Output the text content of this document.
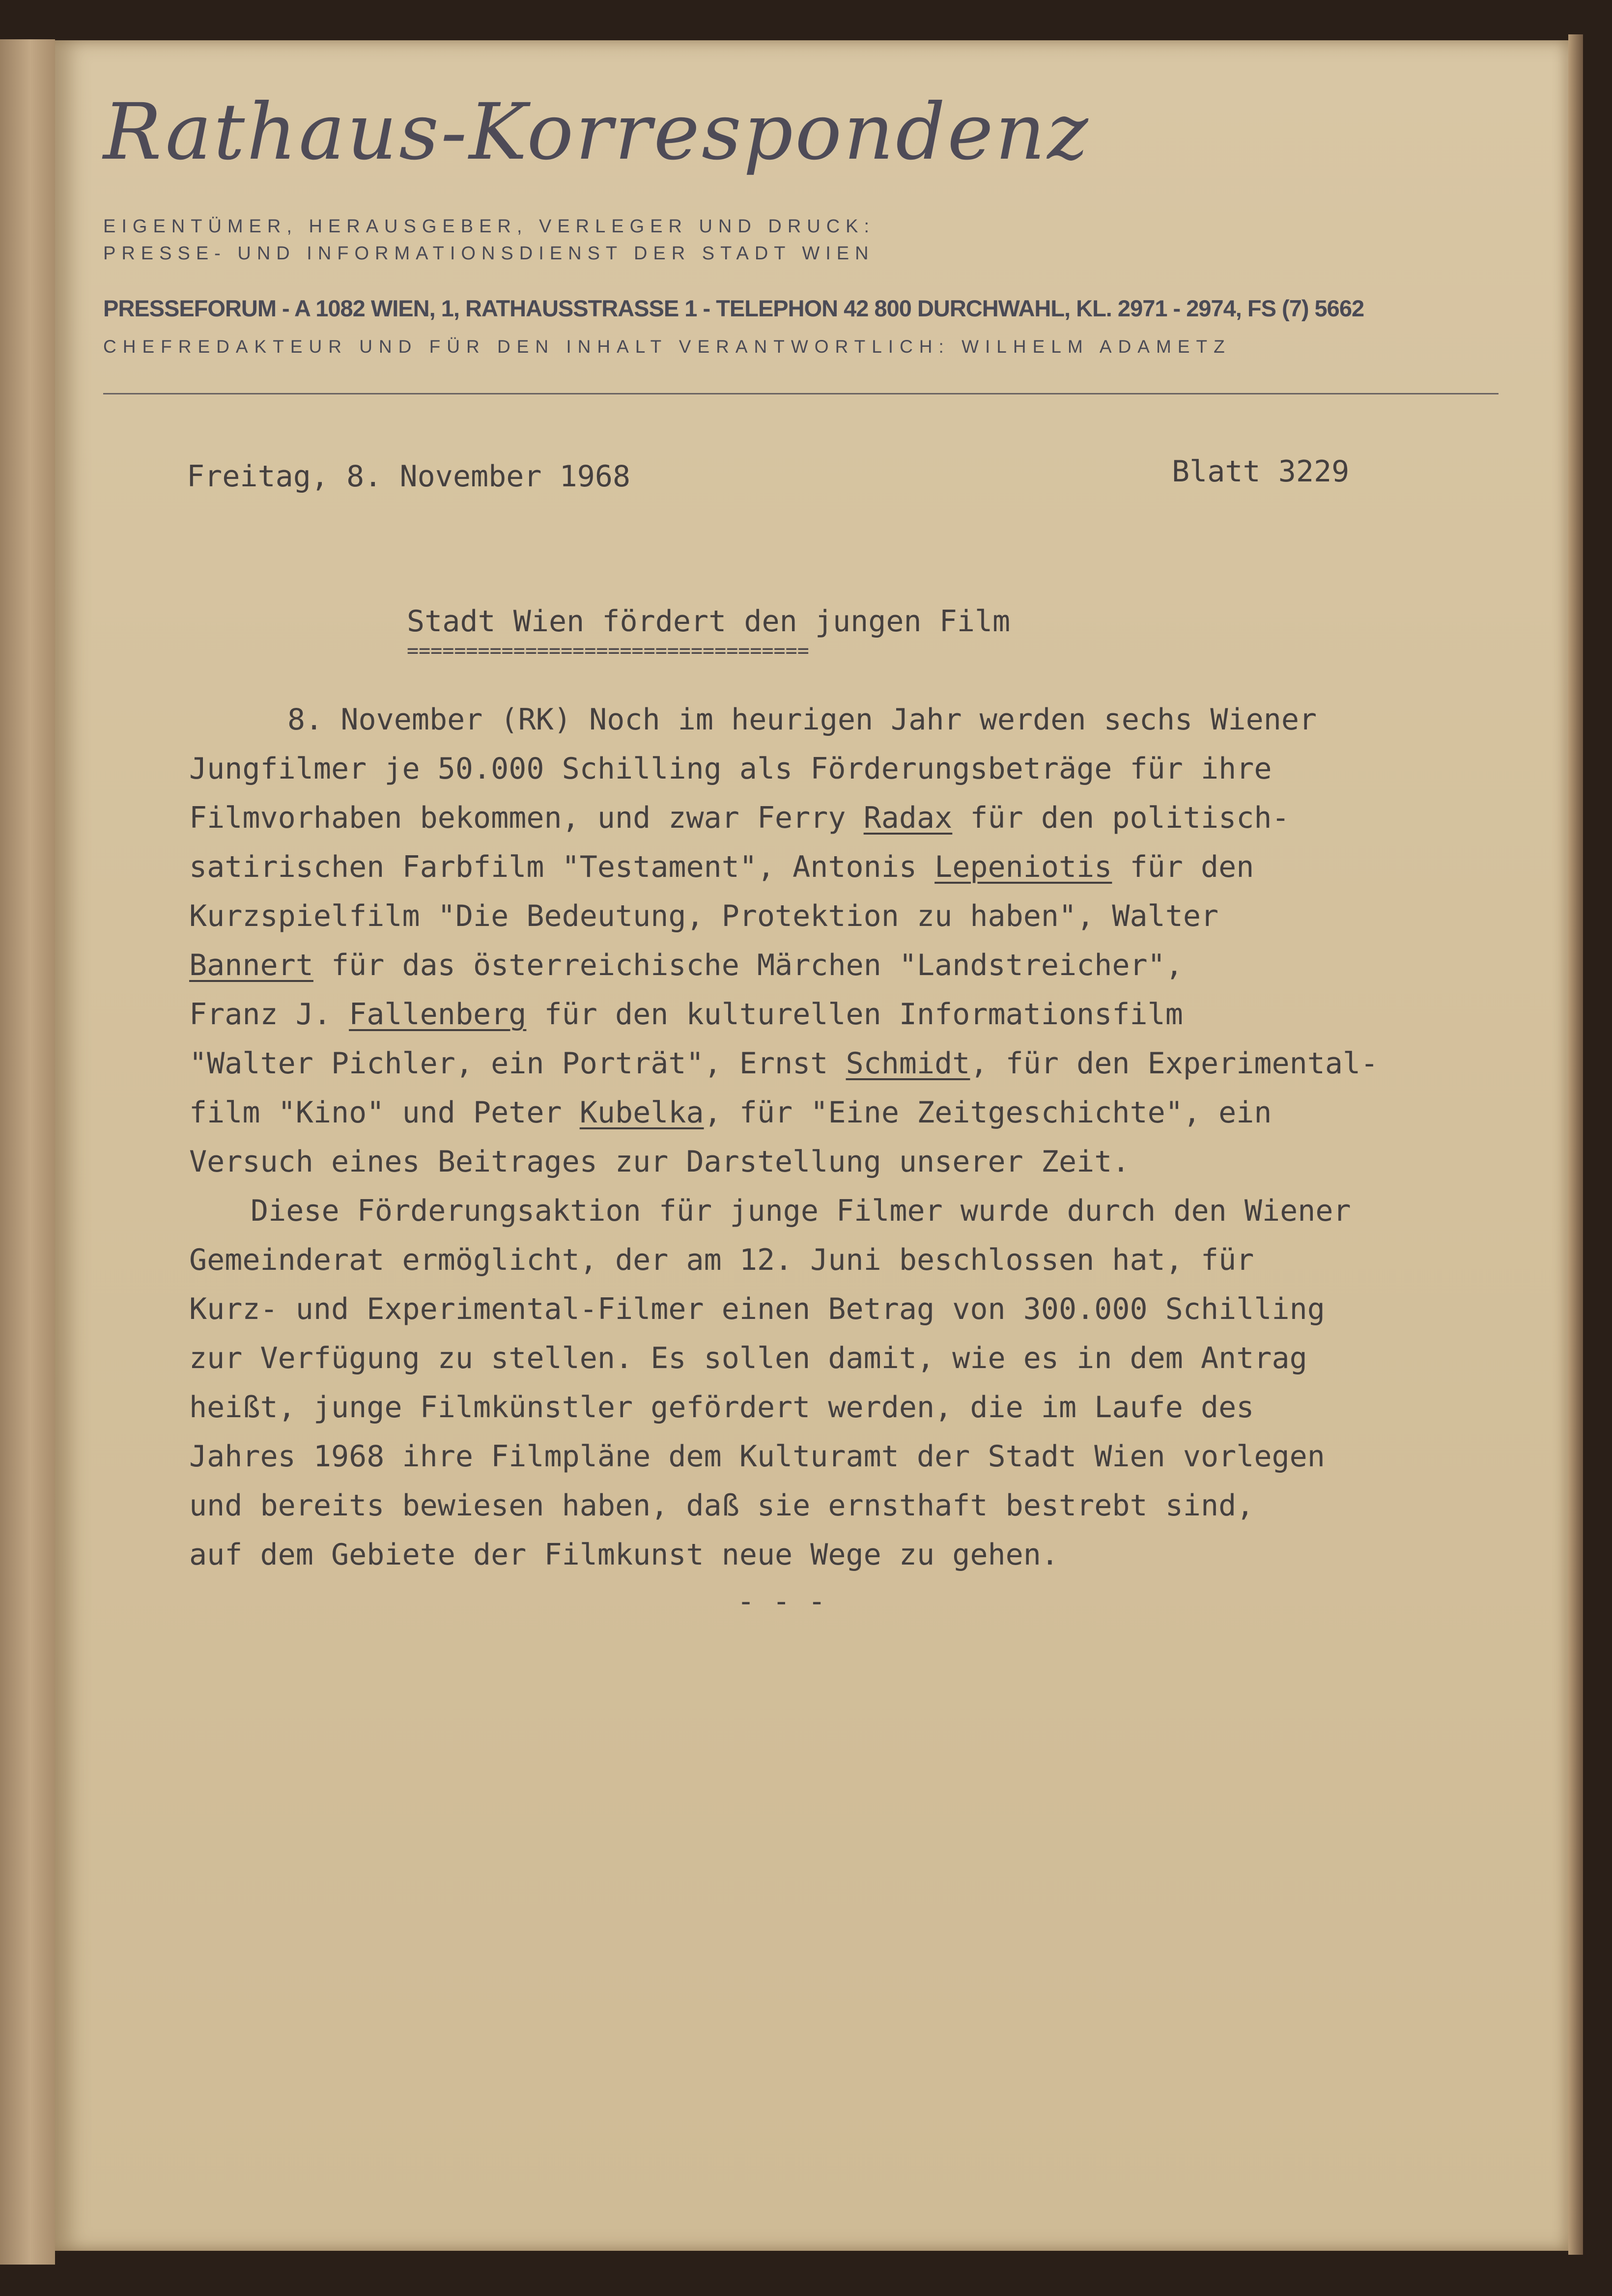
Rathaus-Korrespondenz
EIGENTÜMER, HERAUSGEBER, VERLEGER UND DRUCK:
PRESSE- UND INFORMATIONSDIENST DER STADT WIEN
PRESSEFORUM - A 1082 WIEN, 1, RATHAUSSTRASSE 1 - TELEPHON 42 800 DURCHWAHL, KL. 2971 - 2974, FS (7) 5662
CHEFREDAKTEUR UND FÜR DEN INHALT VERANTWORTLICH: WILHELM ADAMETZ
Freitag, 8. November 1968	Blatt 3229
Stadt Wien fördert den jungen Film
==================================
8. November (RK) Noch im heurigen Jahr werden sechs Wiener
Jungfilmer je 50.000 Schilling als Förderungsbeträge für ihre
Filmvorhaben bekommen, und zwar Ferry Radax für den politisch-
satirischen Farbfilm "Testament", Antonis Lepeniotis für den
Kurzspielfilm "Die Bedeutung, Protektion zu haben", Walter
Bannert für das österreichische Märchen "Landstreicher",
Franz J. Fallenberg für den kulturellen Informationsfilm
"Walter Pichler, ein Porträt", Ernst Schmidt, für den Experimental-
film "Kino" und Peter Kubelka, für "Eine Zeitgeschichte", ein
Versuch eines Beitrages zur Darstellung unserer Zeit.
Diese Förderungsaktion für junge Filmer wurde durch den Wiener
Gemeinderat ermöglicht, der am 12. Juni beschlossen hat, für
Kurz- und Experimental-Filmer einen Betrag von 300.000 Schilling
zur Verfügung zu stellen. Es sollen damit, wie es in dem Antrag
heißt, junge Filmkünstler gefördert werden, die im Laufe des
Jahres 1968 ihre Filmpläne dem Kulturamt der Stadt Wien vorlegen
und bereits bewiesen haben, daß sie ernsthaft bestrebt sind,
auf dem Gebiete der Filmkunst neue Wege zu gehen.
- - -
